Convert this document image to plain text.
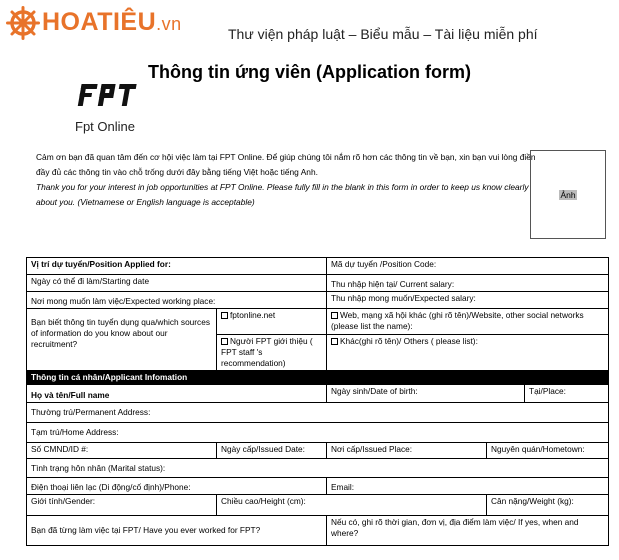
HOATIÊU.vn	Thư viện pháp luật – Biểu mẫu – Tài liệu miễn phí
Thông tin ứng viên (Application form)
Fpt Online

Cảm ơn bạn đã quan tâm đến cơ hội việc làm tại FPT Online. Để giúp chúng tôi nắm rõ hơn các thông tin về bạn, xin bạn vui lòng điền đầy đủ các thông tin vào chỗ trống dưới đây bằng tiếng Việt hoặc tiếng Anh.

Thank you for your interest in job opportunities at FPT Online. Please fully fill in the blank in this form in order to keep us know clearly about you. (Vietnamese or English language is acceptable)

Ảnh
Vị trí dự tuyển/Position Applied for:		Mã dự tuyển /Position Code:		
Ngày có thể đi làm/Starting date		Thu nhập hiện tại/ Current salary:		
Nơi mong muốn làm việc/Expected working place:		Thu nhập mong muốn/Expected salary:		
Bạn biết thông tin tuyển dụng qua/which sources of information do you know about our recruitment?	fptonline.net	Web, mạng xã hội khác (ghi rõ tên)/Website, other social networks (please list the name):		
	Người FPT giới thiệu ( FPT staff 's recommendation)	Khác(ghi rõ tên)/ Others ( please list):		
Thông tin cá nhân/Applicant Infomation				
Họ và tên/Full name		Ngày sinh/Date of birth:		Tại/Place:
Thường trú/Permanent Address:				
Tạm trú/Home Address:				
Số CMND/ID #:	Ngày cấp/Issued Date:	Nơi cấp/Issued Place:	Nguyên quán/Hometown:	
Tình trạng hôn nhân (Marital status):				
Điện thoại liên lạc (Di động/cố định)/Phone:		Email:		
Giới tính/Gender:	Chiều cao/Height (cm):		Cân nặng/Weight (kg):	
Bạn đã từng làm việc tại FPT/ Have you ever worked for FPT?		Nếu có, ghi rõ thời gian, đơn vị, địa điểm làm việc/ If yes, when and where?		
